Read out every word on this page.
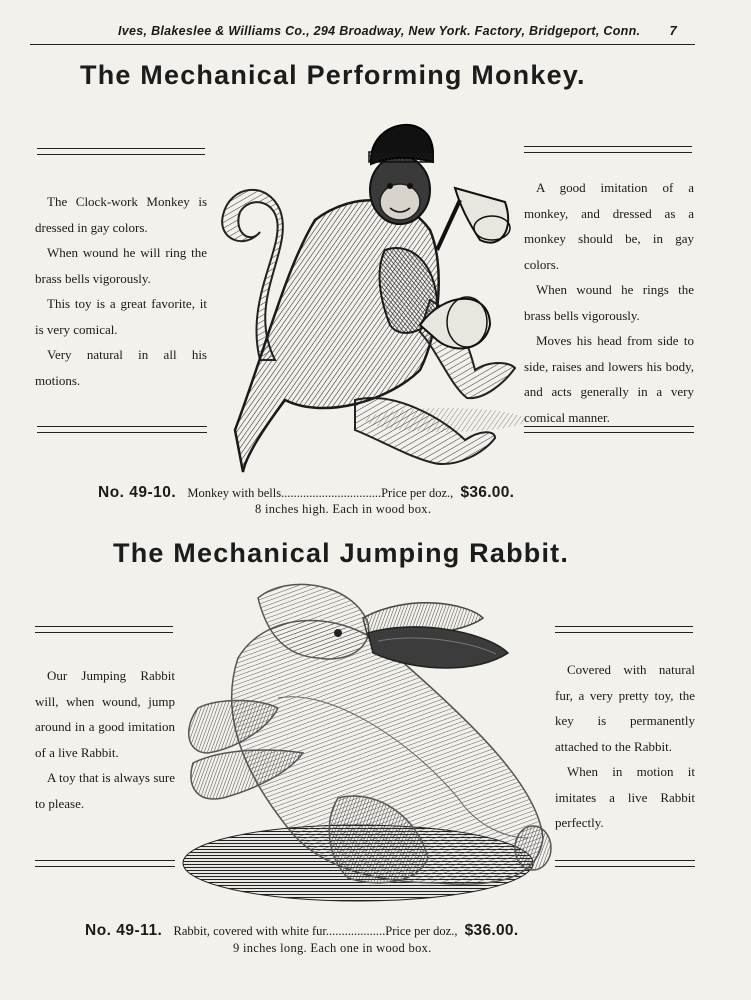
Ives, Blakeslee & Williams Co., 294 Broadway, New York. Factory, Bridgeport, Conn. 7
The Mechanical Performing Monkey.

The Clock-work Monkey is dressed in gay colors.

When wound he will ring the brass bells vigorously.

This toy is a great favorite, it is very comical.

Very natural in all his motions.

A good imitation of a monkey, and dressed as a monkey should be, in gay colors.

When wound he rings the brass bells vigorously.

Moves his head from side to side, raises and lowers his body, and acts generally in a very comical manner.

No. 49-10. Monkey with bells................................Price per doz., $36.00.
8 inches high. Each in wood box.
The Mechanical Jumping Rabbit.

Our Jumping Rabbit will, when wound, jump around in a good imitation of a live Rabbit.

A toy that is always sure to please.

Covered with natural fur, a very pretty toy, the key is permanently attached to the Rabbit.

When in motion it imitates a live Rabbit perfectly.

No. 49-11. Rabbit, covered with white fur...................Price per doz., $36.00.
9 inches long. Each one in wood box.
